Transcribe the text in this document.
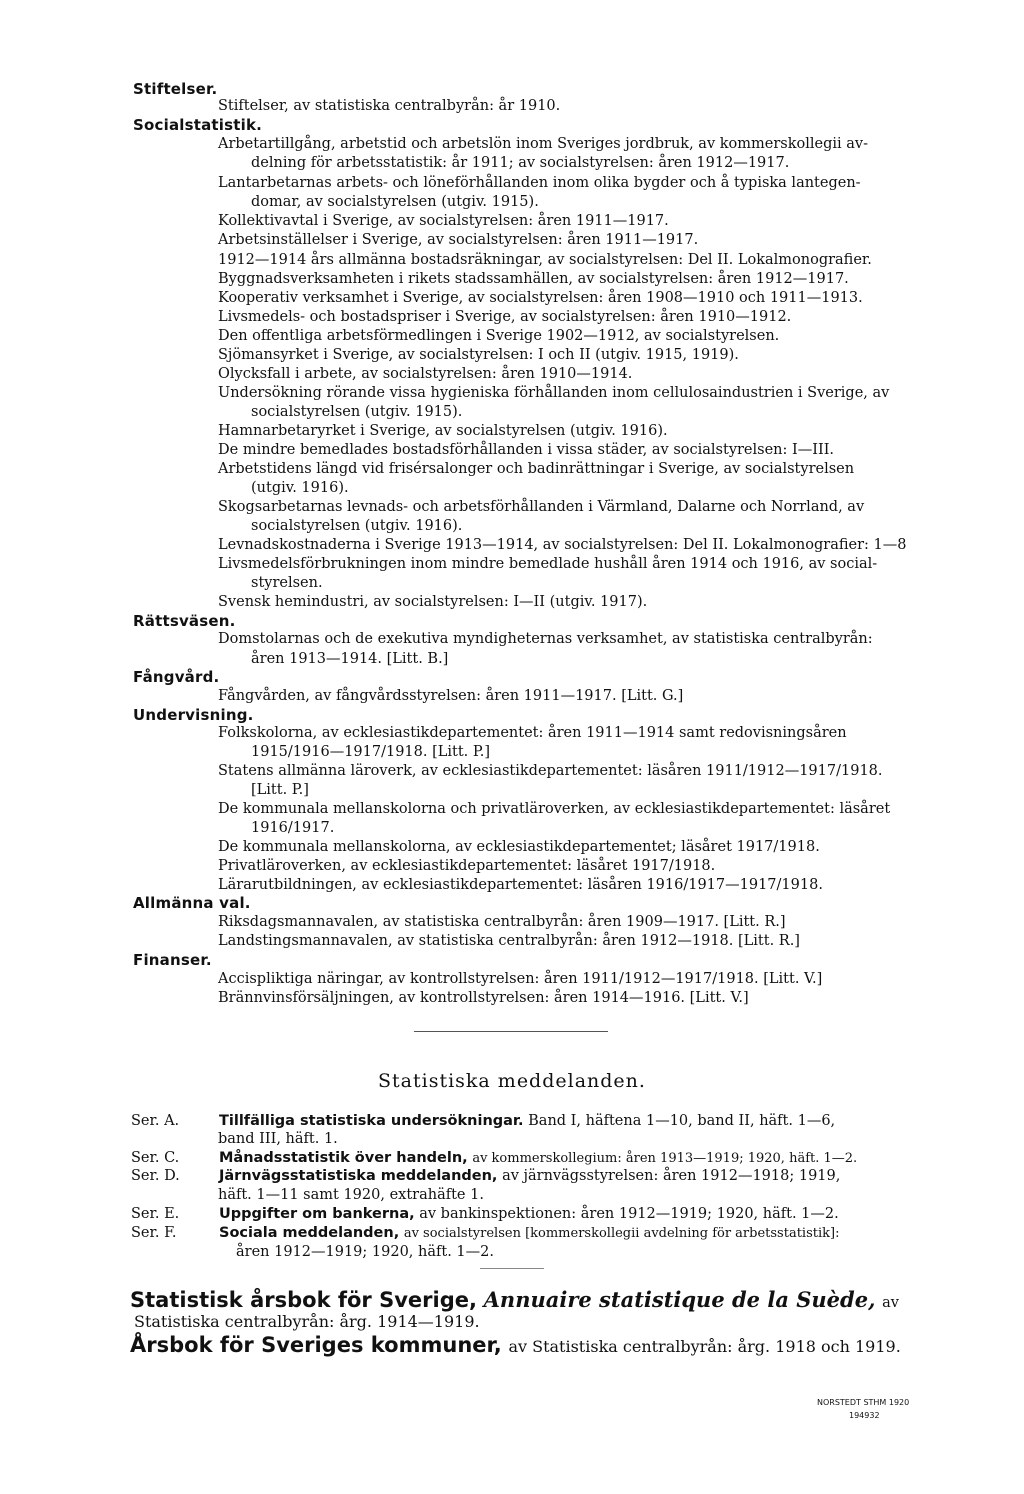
Stiftelser.
Stiftelser, av statistiska centralbyrån: år 1910.
Socialstatistik.
Arbetartillgång, arbetstid och arbetslön inom Sveriges jordbruk, av kommerskollegii av-
delning för arbetsstatistik: år 1911; av socialstyrelsen: åren 1912—1917.
Lantarbetarnas arbets- och löneförhållanden inom olika bygder och å typiska lantegen-
domar, av socialstyrelsen (utgiv. 1915).
Kollektivavtal i Sverige, av socialstyrelsen: åren 1911—1917.
Arbetsinställelser i Sverige, av socialstyrelsen: åren 1911—1917.
1912—1914 års allmänna bostadsräkningar, av socialstyrelsen: Del II. Lokalmonografier.
Byggnadsverksamheten i rikets stadssamhällen, av socialstyrelsen: åren 1912—1917.
Kooperativ verksamhet i Sverige, av socialstyrelsen: åren 1908—1910 och 1911—1913.
Livsmedels- och bostadspriser i Sverige, av socialstyrelsen: åren 1910—1912.
Den offentliga arbetsförmedlingen i Sverige 1902—1912, av socialstyrelsen.
Sjömansyrket i Sverige, av socialstyrelsen: I och II (utgiv. 1915, 1919).
Olycksfall i arbete, av socialstyrelsen: åren 1910—1914.
Undersökning rörande vissa hygieniska förhållanden inom cellulosaindustrien i Sverige, av
socialstyrelsen (utgiv. 1915).
Hamnarbetaryrket i Sverige, av socialstyrelsen (utgiv. 1916).
De mindre bemedlades bostadsförhållanden i vissa städer, av socialstyrelsen: I—III.
Arbetstidens längd vid frisérsalonger och badinrättningar i Sverige, av socialstyrelsen
(utgiv. 1916).
Skogsarbetarnas levnads- och arbetsförhållanden i Värmland, Dalarne och Norrland, av
socialstyrelsen (utgiv. 1916).
Levnadskostnaderna i Sverige 1913—1914, av socialstyrelsen: Del II. Lokalmonografier: 1—8
Livsmedelsförbrukningen inom mindre bemedlade hushåll åren 1914 och 1916, av social-
styrelsen.
Svensk hemindustri, av socialstyrelsen: I—II (utgiv. 1917).
Rättsväsen.
Domstolarnas och de exekutiva myndigheternas verksamhet, av statistiska centralbyrån:
åren 1913—1914. [Litt. B.]
Fångvård.
Fångvården, av fångvårdsstyrelsen: åren 1911—1917. [Litt. G.]
Undervisning.
Folkskolorna, av ecklesiastikdepartementet: åren 1911—1914 samt redovisningsåren
1915/1916—1917/1918. [Litt. P.]
Statens allmänna läroverk, av ecklesiastikdepartementet: läsåren 1911/1912—1917/1918.
[Litt. P.]
De kommunala mellanskolorna och privatläroverken, av ecklesiastikdepartementet: läsåret
1916/1917.
De kommunala mellanskolorna, av ecklesiastikdepartementet; läsåret 1917/1918.
Privatläroverken, av ecklesiastikdepartementet: läsåret 1917/1918.
Lärarutbildningen, av ecklesiastikdepartementet: läsåren 1916/1917—1917/1918.
Allmänna val.
Riksdagsmannavalen, av statistiska centralbyrån: åren 1909—1917. [Litt. R.]
Landstingsmannavalen, av statistiska centralbyrån: åren 1912—1918. [Litt. R.]
Finanser.
Accispliktiga näringar, av kontrollstyrelsen: åren 1911/1912—1917/1918. [Litt. V.]
Brännvinsförsäljningen, av kontrollstyrelsen: åren 1914—1916. [Litt. V.]
Statistiska meddelanden.
Ser. A.	Tillfälliga statistiska undersökningar. Band I, häftena 1—10, band II, häft. 1—6,
band III, häft. 1.
Ser. C.	Månadsstatistik över handeln, av kommerskollegium: åren 1913—1919; 1920, häft. 1—2.
Ser. D.	Järnvägsstatistiska meddelanden, av järnvägsstyrelsen: åren 1912—1918; 1919,
häft. 1—11 samt 1920, extrahäfte 1.
Ser. E.	Uppgifter om bankerna, av bankinspektionen: åren 1912—1919; 1920, häft. 1—2.
Ser. F.	Sociala meddelanden, av socialstyrelsen [kommerskollegii avdelning för arbetsstatistik]:
åren 1912—1919; 1920, häft. 1—2.
Statistisk årsbok för Sverige, Annuaire statistique de la Suède, av
Statistiska centralbyrån: årg. 1914—1919.
Årsbok för Sveriges kommuner, av Statistiska centralbyrån: årg. 1918 och 1919.
NORSTEDT STHM 1920
194932
